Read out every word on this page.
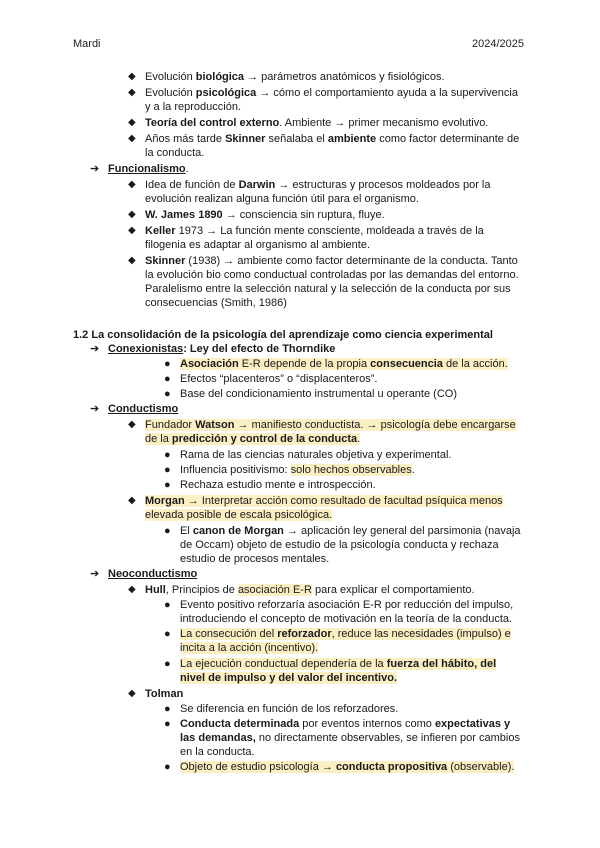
Mardi	2024/2025
◆ Evolución biológica → parámetros anatómicos y fisiológicos.
◆ Evolución psicológica → cómo el comportamiento ayuda a la supervivencia
y a la reproducción.
◆ Teoría del control externo. Ambiente → primer mecanismo evolutivo.
◆ Años más tarde Skinner señalaba el ambiente como factor determinante de
la conducta.
➔ Funcionalismo.
◆ Idea de función de Darwin → estructuras y procesos moldeados por la
evolución realizan alguna función útil para el organismo.
◆ W. James 1890 → consciencia sin ruptura, fluye.
◆ Keller 1973 → La función mente consciente, moldeada a través de la
filogenia es adaptar al organismo al ambiente.
◆ Skinner (1938) → ambiente como factor determinante de la conducta. Tanto
la evolución bio como conductual controladas por las demandas del entorno.
Paralelismo entre la selección natural y la selección de la conducta por sus
consecuencias (Smith, 1986)
1.2 La consolidación de la psicología del aprendizaje como ciencia experimental
➔ Conexionistas: Ley del efecto de Thorndike
● Asociación E-R depende de la propia consecuencia de la acción.
● Efectos “placenteros” o “displacenteros”.
● Base del condicionamiento instrumental u operante (CO)
➔ Conductismo
◆ Fundador Watson → manifiesto conductista. → psicología debe encargarse
de la predicción y control de la conducta.
● Rama de las ciencias naturales objetiva y experimental.
● Influencia positivismo: solo hechos observables.
● Rechaza estudio mente e introspección.
◆ Morgan → Interpretar acción como resultado de facultad psíquica menos
elevada posible de escala psicológica.
● El canon de Morgan → aplicación ley general del parsimonia (navaja
de Occam) objeto de estudio de la psicología conducta y rechaza
estudio de procesos mentales.
➔ Neoconductismo
◆ Hull, Principios de asociación E-R para explicar el comportamiento.
● Evento positivo reforzaría asociación E-R por reducción del impulso,
introduciendo el concepto de motivación en la teoría de la conducta.
● La consecución del reforzador, reduce las necesidades (impulso) e
incita a la acción (incentivo).
● La ejecución conductual dependería de la fuerza del hábito, del
nivel de impulso y del valor del incentivo.
◆ Tolman
● Se diferencia en función de los reforzadores.
● Conducta determinada por eventos internos como expectativas y
las demandas, no directamente observables, se infieren por cambios
en la conducta.
● Objeto de estudio psicología → conducta propositiva (observable).
